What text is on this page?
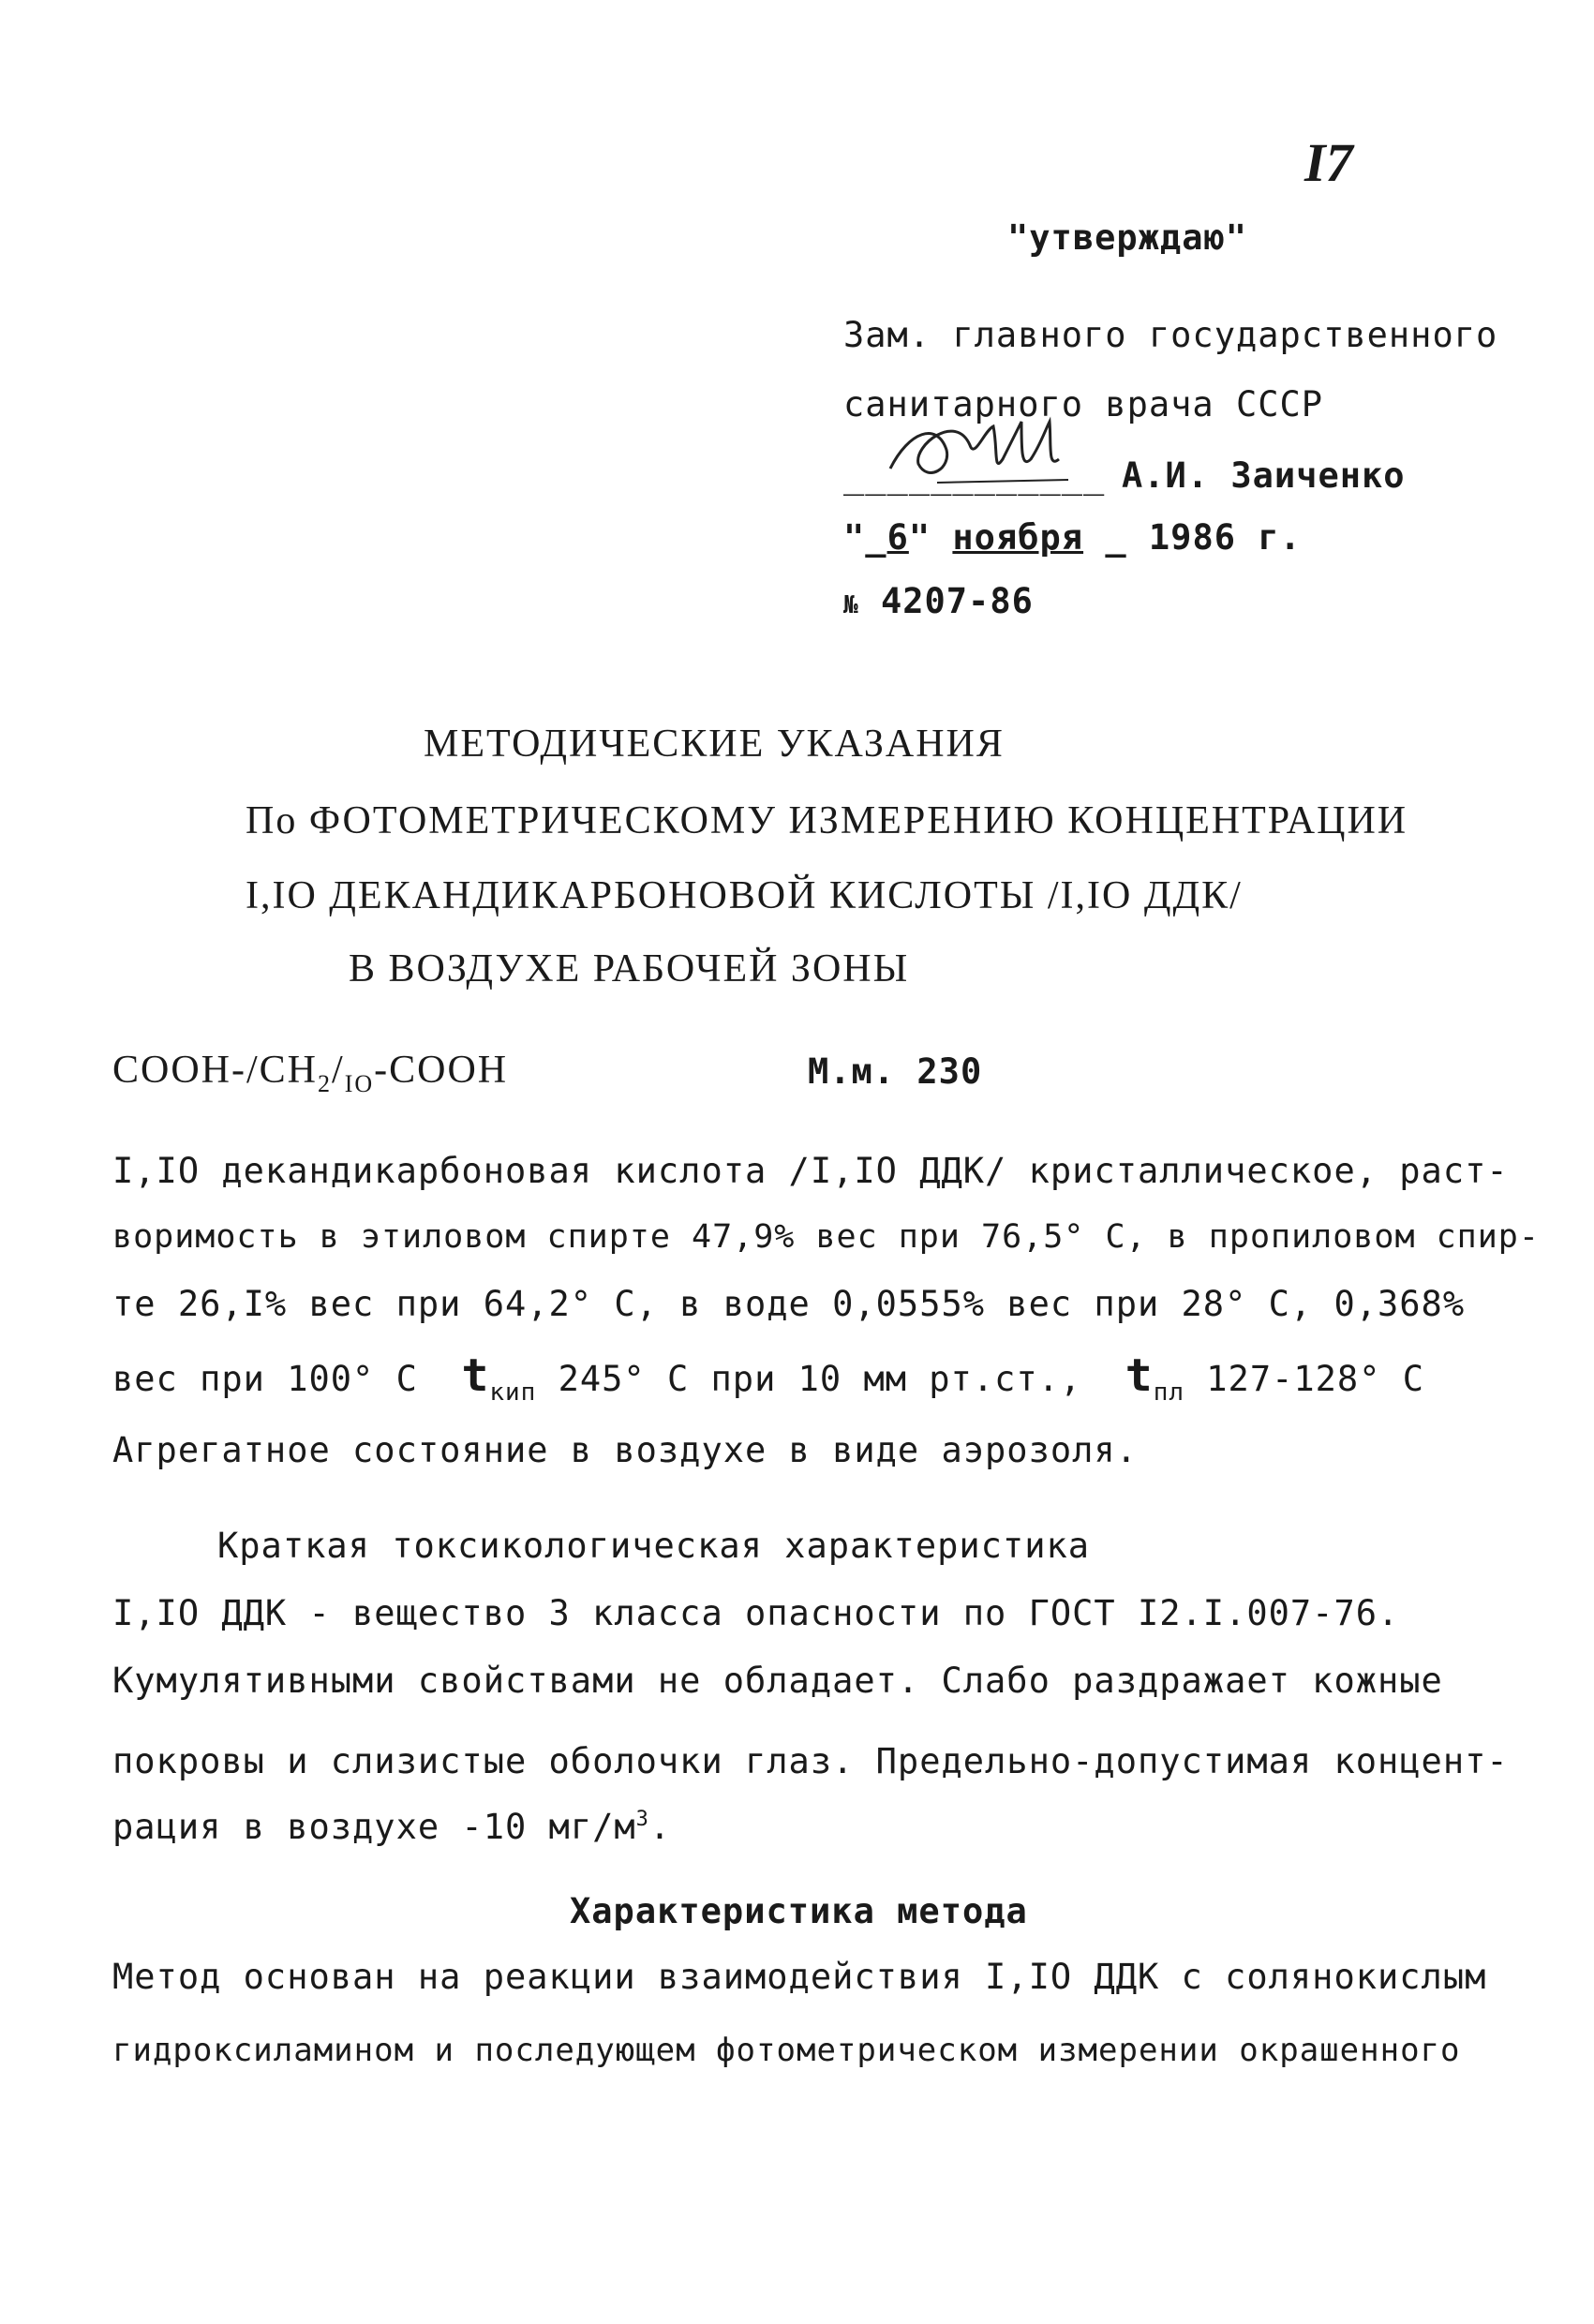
I7
"утверждаю"
Зам. главного государственного
санитарного врача СССР
____________ А.И. Заиченко
"_6" ноября _ 1986 г.
№ 4207-86
МЕТОДИЧЕСКИЕ УКАЗАНИЯ
По ФОТОМЕТРИЧЕСКОМУ ИЗМЕРЕНИЮ КОНЦЕНТРАЦИИ
I,IO ДЕКАНДИКАРБОНОВОЙ КИСЛОТЫ /I,IO ДДК/
В ВОЗДУХЕ РАБОЧЕЙ ЗОНЫ
COOH-$/CH_2/_{IO}$-COOH	М.м. 230
I,IO декандикарбоновая кислота /I,IO ДДК/ кристаллическое, раст-
воримость в этиловом спирте 47,9% вес при 76,5° С, в пропиловом спир-
те 26,I% вес при 64,2° С, в воде 0,0555% вес при 28° С, 0,368%
вес при 100° С $t_{кип}$ 245° С при 10 мм рт.ст., $t_{пл}$ 127-128° С
Агрегатное состояние в воздухе в виде аэрозоля.
Краткая токсикологическая характеристика
I,IO ДДК - вещество 3 класса опасности по ГОСТ I2.I.007-76.
Кумулятивными свойствами не обладает. Слабо раздражает кожные
покровы и слизистые оболочки глаз. Предельно-допустимая концент-
рация в воздухе -10 $мг/м^3$.
Характеристика метода
Метод основан на реакции взаимодействия I,IO ДДК с солянокислым
гидроксиламином и последующем фотометрическом измерении окрашенного
